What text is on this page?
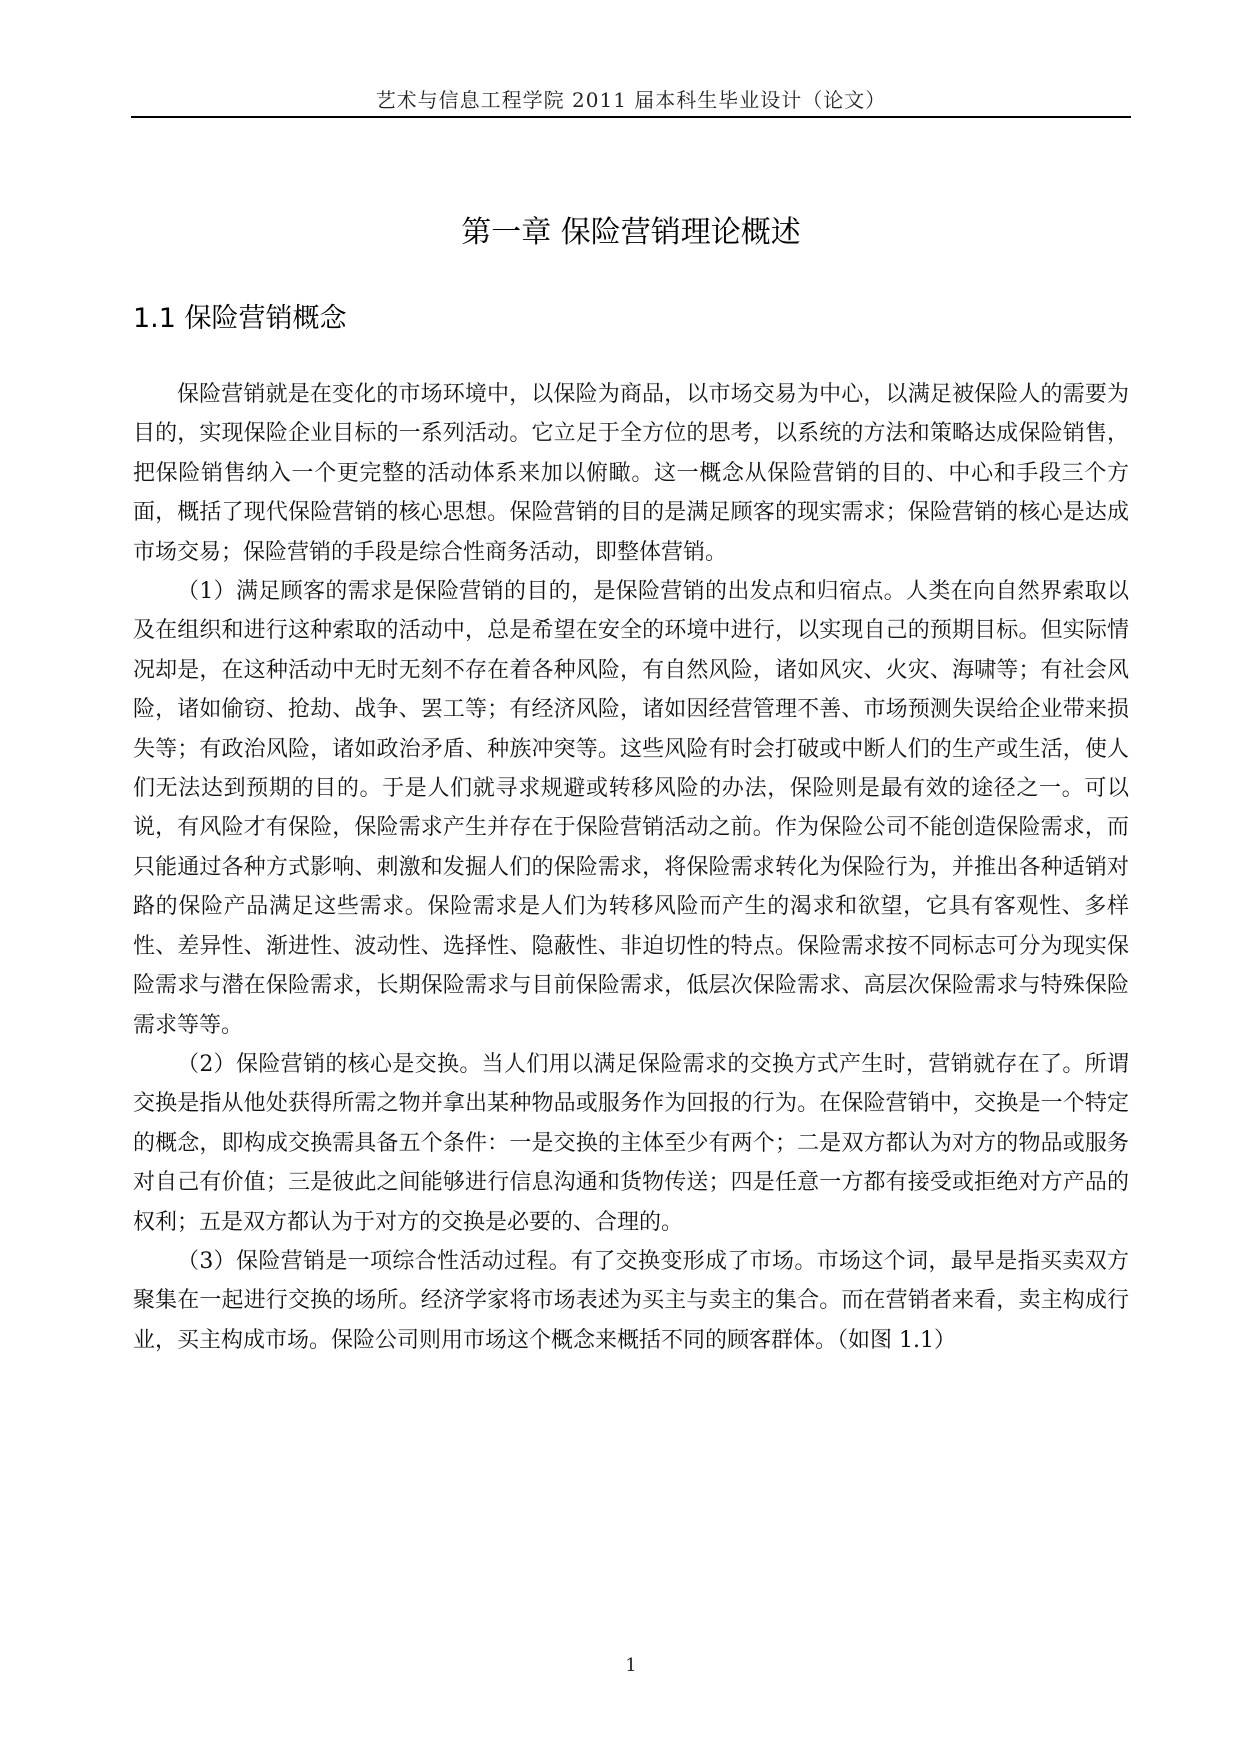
艺术与信息工程学院 2011 届本科生毕业设计（论文）
第一章 保险营销理论概述
1.1 保险营销概念

保险营销就是在变化的市场环境中，以保险为商品，以市场交易为中心，以满足被保险人的需要为目的，实现保险企业目标的一系列活动。它立足于全方位的思考，以系统的方法和策略达成保险销售，把保险销售纳入一个更完整的活动体系来加以俯瞰。这一概念从保险营销的目的、中心和手段三个方面，概括了现代保险营销的核心思想。保险营销的目的是满足顾客的现实需求；保险营销的核心是达成市场交易；保险营销的手段是综合性商务活动，即整体营销。

（1）满足顾客的需求是保险营销的目的，是保险营销的出发点和归宿点。人类在向自然界索取以及在组织和进行这种索取的活动中，总是希望在安全的环境中进行，以实现自己的预期目标。但实际情况却是，在这种活动中无时无刻不存在着各种风险，有自然风险，诸如风灾、火灾、海啸等；有社会风险，诸如偷窃、抢劫、战争、罢工等；有经济风险，诸如因经营管理不善、市场预测失误给企业带来损失等；有政治风险，诸如政治矛盾、种族冲突等。这些风险有时会打破或中断人们的生产或生活，使人们无法达到预期的目的。于是人们就寻求规避或转移风险的办法，保险则是最有效的途径之一。可以说，有风险才有保险，保险需求产生并存在于保险营销活动之前。作为保险公司不能创造保险需求，而只能通过各种方式影响、刺激和发掘人们的保险需求，将保险需求转化为保险行为，并推出各种适销对路的保险产品满足这些需求。保险需求是人们为转移风险而产生的渴求和欲望，它具有客观性、多样性、差异性、渐进性、波动性、选择性、隐蔽性、非迫切性的特点。保险需求按不同标志可分为现实保险需求与潜在保险需求，长期保险需求与目前保险需求，低层次保险需求、高层次保险需求与特殊保险需求等等。

（2）保险营销的核心是交换。当人们用以满足保险需求的交换方式产生时，营销就存在了。所谓交换是指从他处获得所需之物并拿出某种物品或服务作为回报的行为。在保险营销中，交换是一个特定的概念，即构成交换需具备五个条件：一是交换的主体至少有两个；二是双方都认为对方的物品或服务对自己有价值；三是彼此之间能够进行信息沟通和货物传送；四是任意一方都有接受或拒绝对方产品的权利；五是双方都认为于对方的交换是必要的、合理的。

（3）保险营销是一项综合性活动过程。有了交换变形成了市场。市场这个词，最早是指买卖双方聚集在一起进行交换的场所。经济学家将市场表述为买主与卖主的集合。而在营销者来看，卖主构成行业，买主构成市场。保险公司则用市场这个概念来概括不同的顾客群体。（如图 1.1）

1
